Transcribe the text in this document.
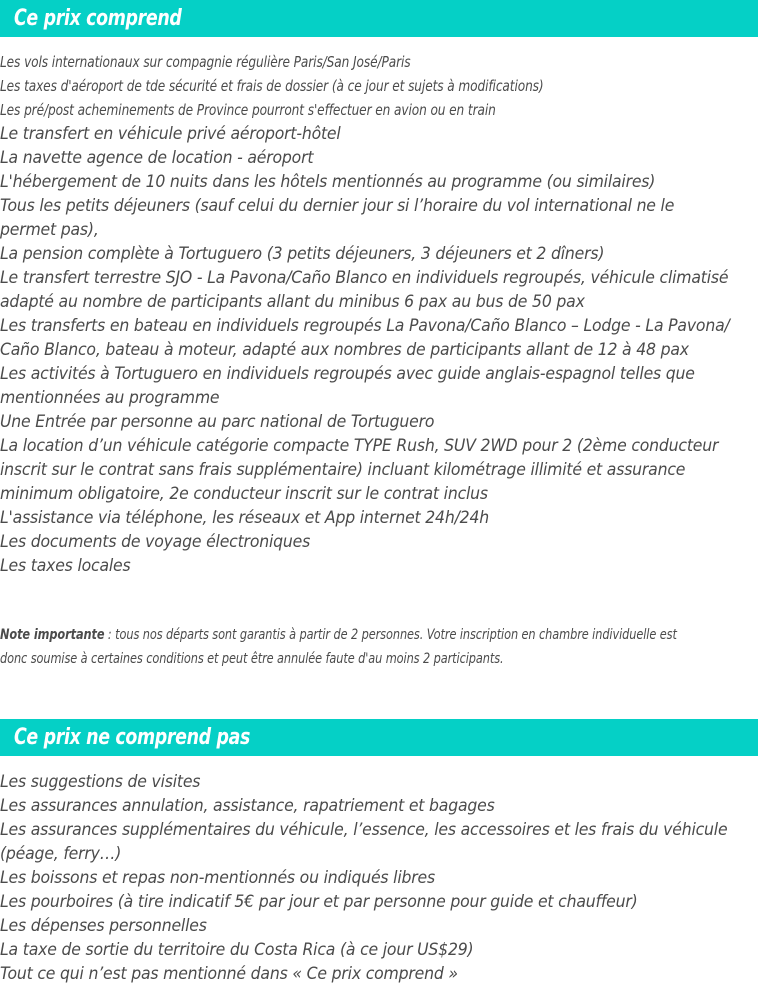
Ce prix comprend
Les vols internationaux sur compagnie régulière Paris/San José/Paris
Les taxes d'aéroport de tde sécurité et frais de dossier (à ce jour et sujets à modifications)
Les pré/post acheminements de Province pourront s'effectuer en avion ou en train
Le transfert en véhicule privé aéroport-hôtel
La navette agence de location - aéroport
L'hébergement de 10 nuits dans les hôtels mentionnés au programme (ou similaires)
Tous les petits déjeuners (sauf celui du dernier jour si l’horaire du vol international ne le
permet pas),
La pension complète à Tortuguero (3 petits déjeuners, 3 déjeuners et 2 dîners)
Le transfert terrestre SJO - La Pavona/Caño Blanco en individuels regroupés, véhicule climatisé
adapté au nombre de participants allant du minibus 6 pax au bus de 50 pax
Les transferts en bateau en individuels regroupés La Pavona/Caño Blanco – Lodge - La Pavona/
Caño Blanco, bateau à moteur, adapté aux nombres de participants allant de 12 à 48 pax
Les activités à Tortuguero en individuels regroupés avec guide anglais-espagnol telles que
mentionnées au programme
Une Entrée par personne au parc national de Tortuguero
La location d’un véhicule catégorie compacte TYPE Rush, SUV 2WD pour 2 (2ème conducteur
inscrit sur le contrat sans frais supplémentaire) incluant kilométrage illimité et assurance
minimum obligatoire, 2e conducteur inscrit sur le contrat inclus
L'assistance via téléphone, les réseaux et App internet 24h/24h
Les documents de voyage électroniques
Les taxes locales

Note importante : tous nos départs sont garantis à partir de 2 personnes. Votre inscription en chambre individuelle est

donc soumise à certaines conditions et peut être annulée faute d'au moins 2 participants.

Ce prix ne comprend pas
Les suggestions de visites
Les assurances annulation, assistance, rapatriement et bagages
Les assurances supplémentaires du véhicule, l’essence, les accessoires et les frais du véhicule
(péage, ferry…)
Les boissons et repas non-mentionnés ou indiqués libres
Les pourboires (à tire indicatif 5€ par jour et par personne pour guide et chauffeur)
Les dépenses personnelles
La taxe de sortie du territoire du Costa Rica (à ce jour US$29)
Tout ce qui n’est pas mentionné dans « Ce prix comprend »
